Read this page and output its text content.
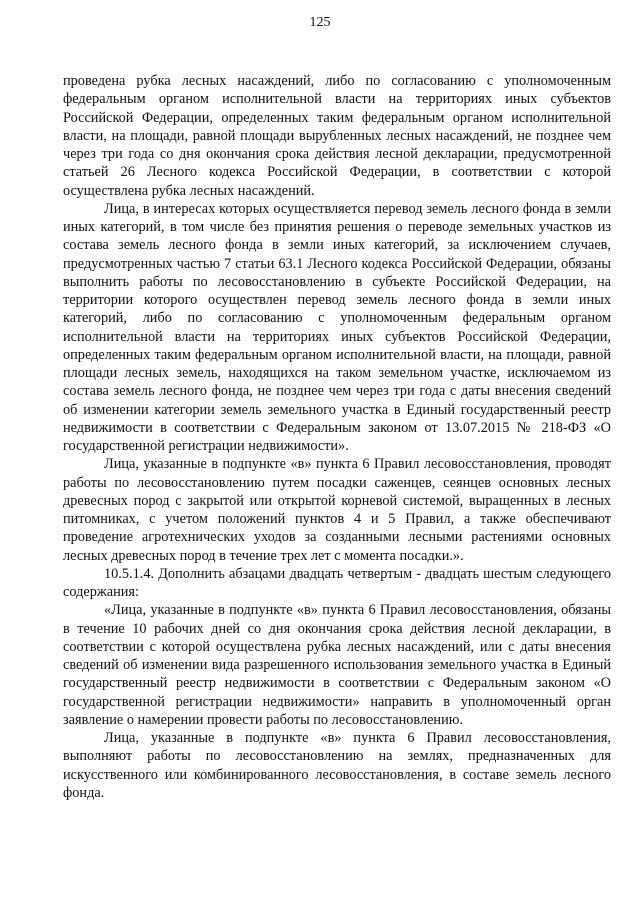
125

проведена рубка лесных насаждений, либо по согласованию с уполномоченным федеральным органом исполнительной власти на территориях иных субъектов Российской Федерации, определенных таким федеральным органом исполнительной власти, на площади, равной площади вырубленных лесных насаждений, не позднее чем через три года со дня окончания срока действия лесной декларации, предусмотренной статьей 26 Лесного кодекса Российской Федерации, в соответствии с которой осуществлена рубка лесных насаждений.

Лица, в интересах которых осуществляется перевод земель лесного фонда в земли иных категорий, в том числе без принятия решения о переводе земельных участков из состава земель лесного фонда в земли иных категорий, за исключением случаев, предусмотренных частью 7 статьи 63.1 Лесного кодекса Российской Федерации, обязаны выполнить работы по лесовосстановлению в субъекте Российской Федерации, на территории которого осуществлен перевод земель лесного фонда в земли иных категорий, либо по согласованию с уполномоченным федеральным органом исполнительной власти на территориях иных субъектов Российской Федерации, определенных таким федеральным органом исполнительной власти, на площади, равной площади лесных земель, находящихся на таком земельном участке, исключаемом из состава земель лесного фонда, не позднее чем через три года с даты внесения сведений об изменении категории земель земельного участка в Единый государственный реестр недвижимости в соответствии с Федеральным законом от 13.07.2015 № 218-ФЗ «О государственной регистрации недвижимости».

Лица, указанные в подпункте «в» пункта 6 Правил лесовосстановления, проводят работы по лесовосстановлению путем посадки саженцев, сеянцев основных лесных древесных пород с закрытой или открытой корневой системой, выращенных в лесных питомниках, с учетом положений пунктов 4 и 5 Правил, а также обеспечивают проведение агротехнических уходов за созданными лесными растениями основных лесных древесных пород в течение трех лет с момента посадки.».

10.5.1.4. Дополнить абзацами двадцать четвертым - двадцать шестым следующего содержания:

«Лица, указанные в подпункте «в» пункта 6 Правил лесовосстановления, обязаны в течение 10 рабочих дней со дня окончания срока действия лесной декларации, в соответствии с которой осуществлена рубка лесных насаждений, или с даты внесения сведений об изменении вида разрешенного использования земельного участка в Единый государственный реестр недвижимости в соответствии с Федеральным законом «О государственной регистрации недвижимости» направить в уполномоченный орган заявление о намерении провести работы по лесовосстановлению.

Лица, указанные в подпункте «в» пункта 6 Правил лесовосстановления, выполняют работы по лесовосстановлению на землях, предназначенных для искусственного или комбинированного лесовосстановления, в составе земель лесного фонда.
